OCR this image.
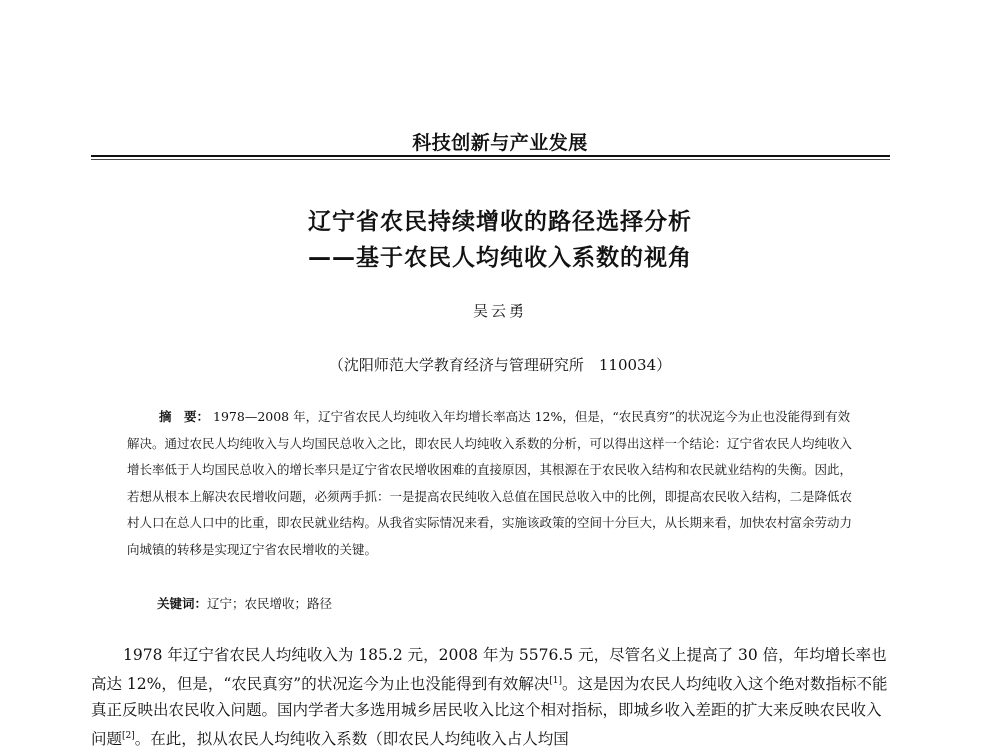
科技创新与产业发展
辽宁省农民持续增收的路径选择分析
——基于农民人均纯收入系数的视角
吴云勇
（沈阳师范大学教育经济与管理研究所　110034）
摘　要： 1978—2008 年，辽宁省农民人均纯收入年均增长率高达 12%，但是，“农民真穷”的状况迄今为止也没能得到有效解决。通过农民人均纯收入与人均国民总收入之比，即农民人均纯收入系数的分析，可以得出这样一个结论：辽宁省农民人均纯收入增长率低于人均国民总收入的增长率只是辽宁省农民增收困难的直接原因，其根源在于农民收入结构和农民就业结构的失衡。因此，若想从根本上解决农民增收问题，必须两手抓：一是提高农民纯收入总值在国民总收入中的比例，即提高农民收入结构，二是降低农村人口在总人口中的比重，即农民就业结构。从我省实际情况来看，实施该政策的空间十分巨大，从长期来看，加快农村富余劳动力向城镇的转移是实现辽宁省农民增收的关键。
关键词：辽宁；农民增收；路径
1978 年辽宁省农民人均纯收入为 185.2 元，2008 年为 5576.5 元，尽管名义上提高了 30 倍，年均增长率也高达 12%，但是，“农民真穷”的状况迄今为止也没能得到有效解决[1]。这是因为农民人均纯收入这个绝对数指标不能真正反映出农民收入问题。国内学者大多选用城乡居民收入比这个相对指标，即城乡收入差距的扩大来反映农民收入问题[2]。在此，拟从农民人均纯收入系数（即农民人均纯收入占人均国
